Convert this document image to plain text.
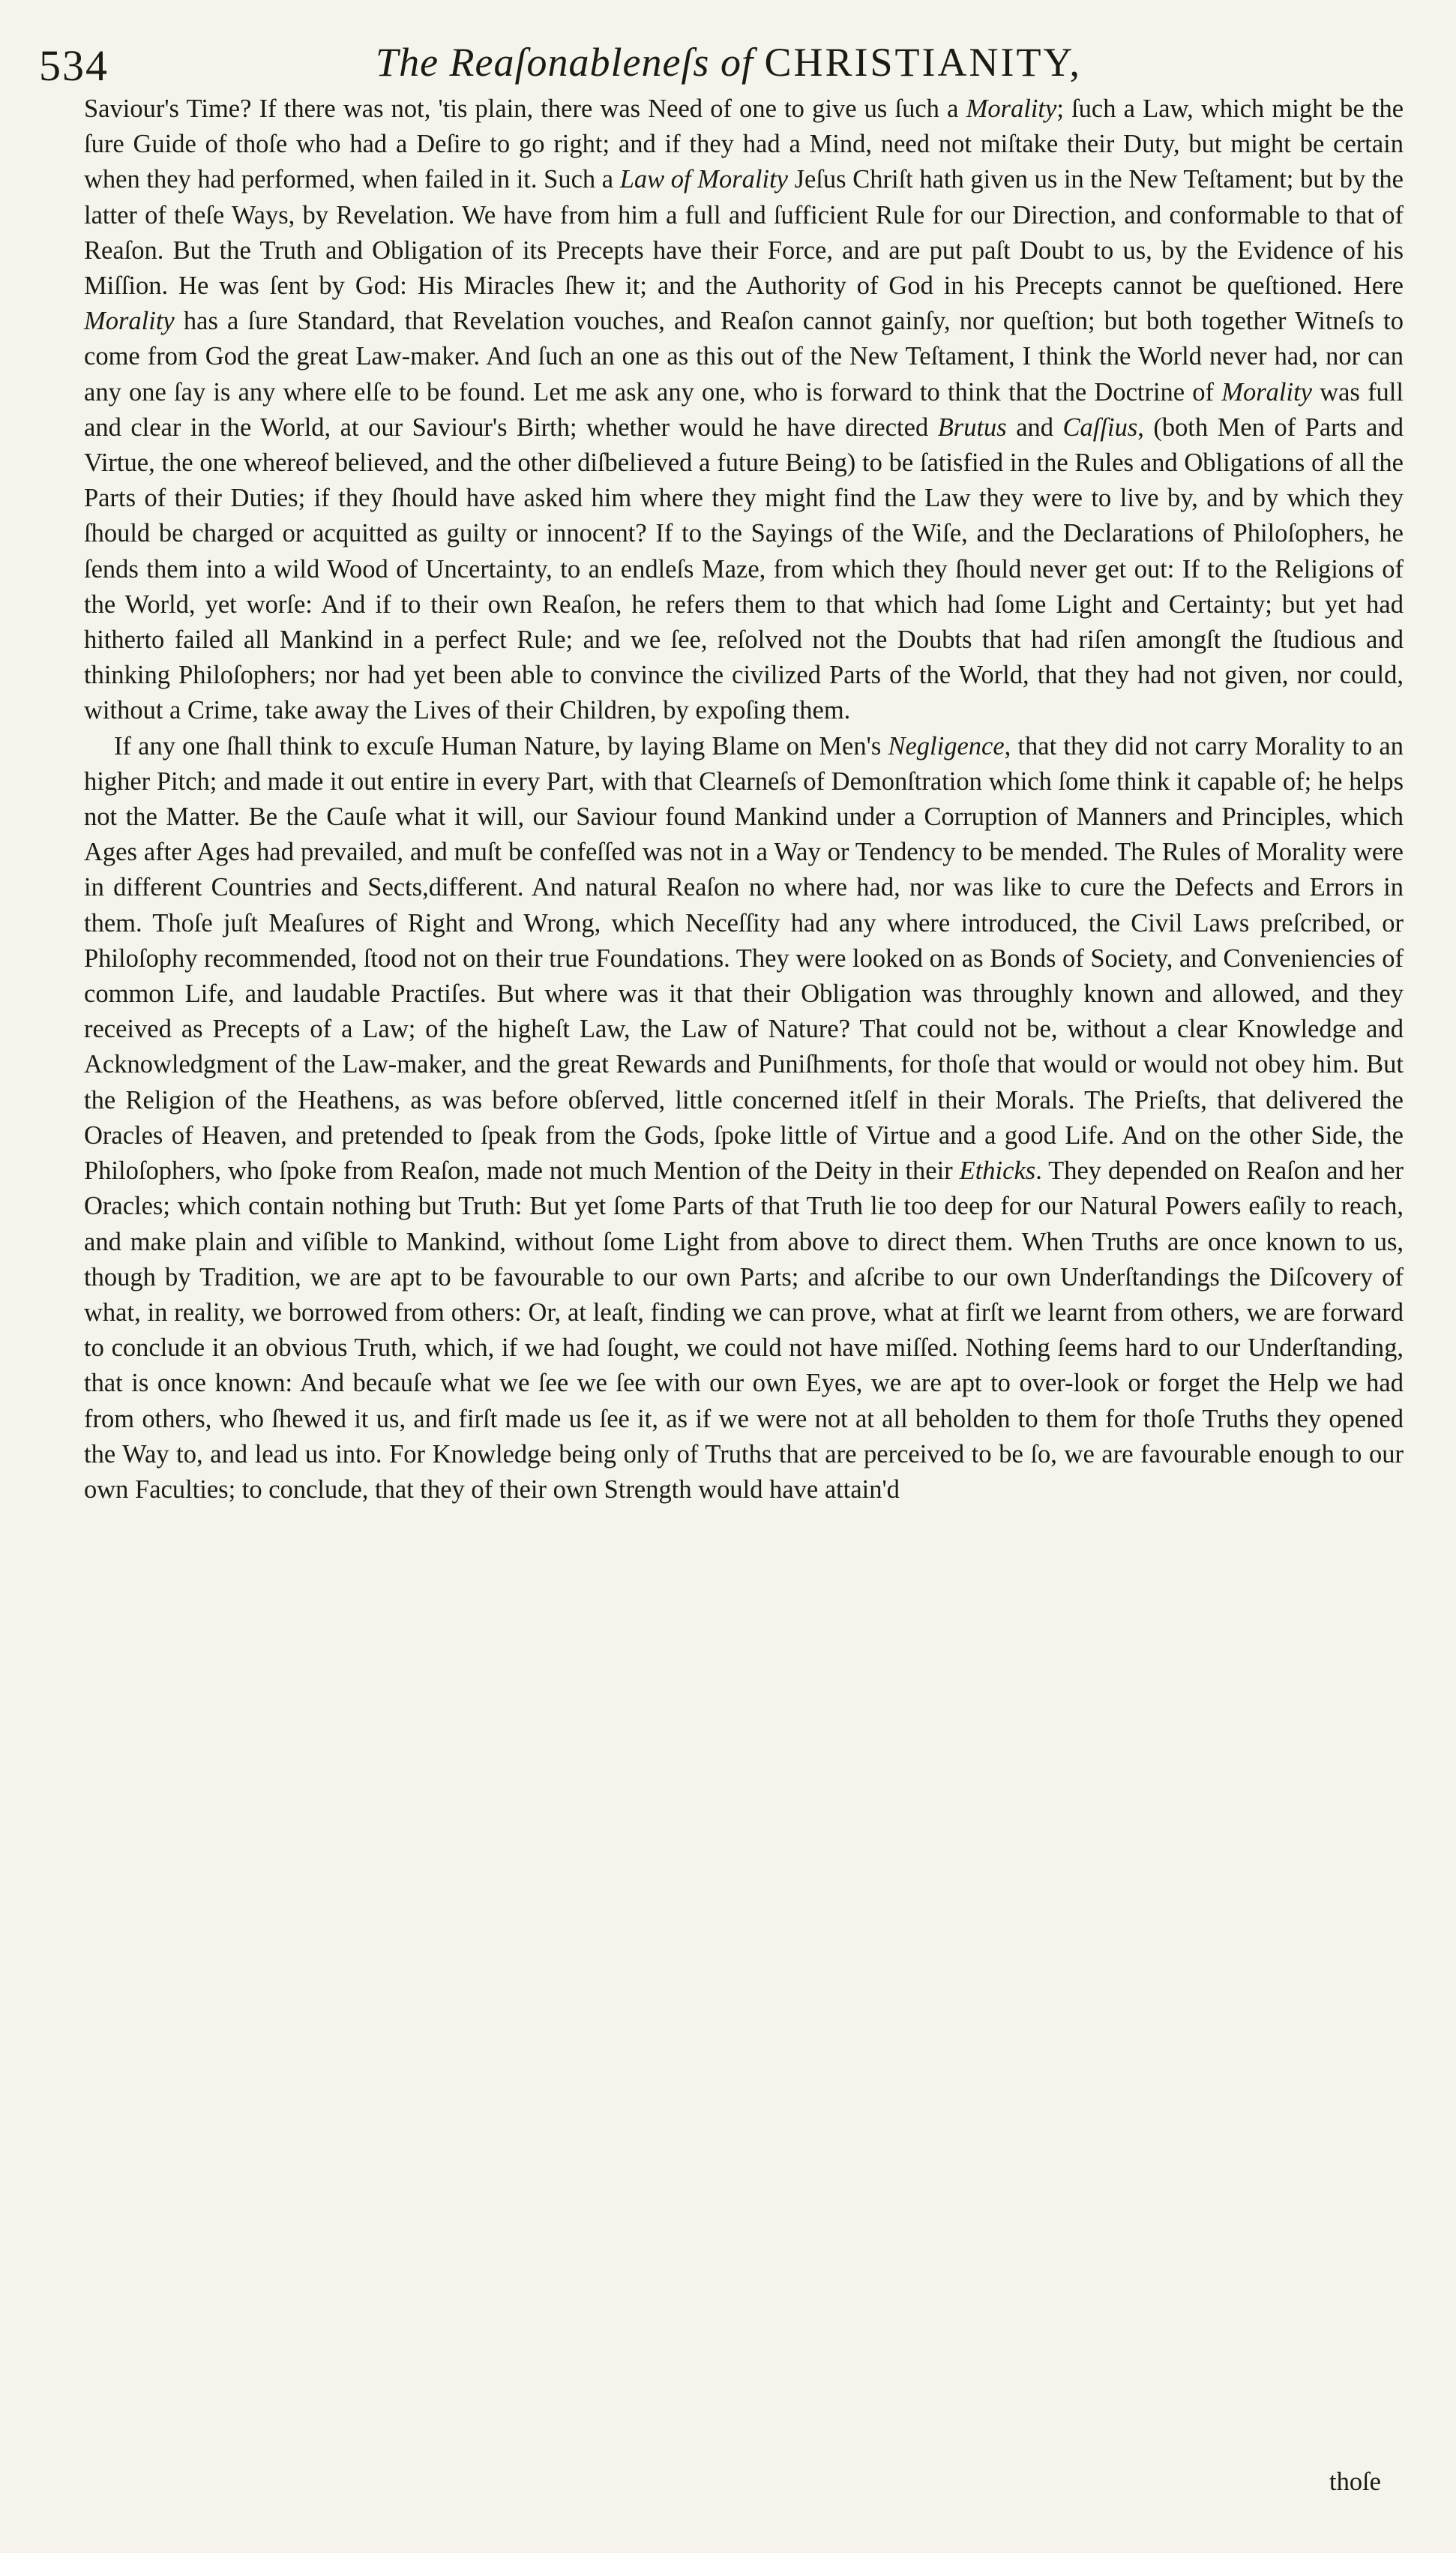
534	The Reaſonableneſs of CHRISTIANITY,

Saviour's Time? If there was not, 'tis plain, there was Need of one to give us ſuch a Morality; ſuch a Law, which might be the ſure Guide of thoſe who had a Deſire to go right; and if they had a Mind, need not miſtake their Duty, but might be certain when they had performed, when failed in it. Such a Law of Morality Jeſus Chriſt hath given us in the New Teſtament; but by the latter of theſe Ways, by Revelation. We have from him a full and ſufficient Rule for our Direction, and conformable to that of Reaſon. But the Truth and Obligation of its Precepts have their Force, and are put paſt Doubt to us, by the Evidence of his Miſſion. He was ſent by God: His Miracles ſhew it; and the Authority of God in his Precepts cannot be queſtioned. Here Morality has a ſure Standard, that Revelation vouches, and Reaſon cannot gainſy, nor queſtion; but both together Witneſs to come from God the great Law-maker. And ſuch an one as this out of the New Teſtament, I think the World never had, nor can any one ſay is any where elſe to be found. Let me ask any one, who is forward to think that the Doctrine of Morality was full and clear in the World, at our Saviour's Birth; whether would he have directed Brutus and Caſſius, (both Men of Parts and Virtue, the one whereof believed, and the other diſbelieved a future Being) to be ſatisfied in the Rules and Obligations of all the Parts of their Duties; if they ſhould have asked him where they might find the Law they were to live by, and by which they ſhould be charged or acquitted as guilty or innocent? If to the Sayings of the Wiſe, and the Declarations of Philoſophers, he ſends them into a wild Wood of Uncertainty, to an endleſs Maze, from which they ſhould never get out: If to the Religions of the World, yet worſe: And if to their own Reaſon, he refers them to that which had ſome Light and Certainty; but yet had hitherto failed all Mankind in a perfect Rule; and we ſee, reſolved not the Doubts that had riſen amongſt the ſtudious and thinking Philoſophers; nor had yet been able to convince the civilized Parts of the World, that they had not given, nor could, without a Crime, take away the Lives of their Children, by expoſing them.

If any one ſhall think to excuſe Human Nature, by laying Blame on Men's Negligence, that they did not carry Morality to an higher Pitch; and made it out entire in every Part, with that Clearneſs of Demonſtration which ſome think it capable of; he helps not the Matter. Be the Cauſe what it will, our Saviour found Mankind under a Corruption of Manners and Principles, which Ages after Ages had prevailed, and muſt be confeſſed was not in a Way or Tendency to be mended. The Rules of Morality were in different Countries and Sects,different. And natural Reaſon no where had, nor was like to cure the Defects and Errors in them. Thoſe juſt Meaſures of Right and Wrong, which Neceſſity had any where introduced, the Civil Laws preſcribed, or Philoſophy recommended, ſtood not on their true Foundations. They were looked on as Bonds of Society, and Conveniencies of common Life, and laudable Practiſes. But where was it that their Obligation was throughly known and allowed, and they received as Precepts of a Law; of the higheſt Law, the Law of Nature? That could not be, without a clear Knowledge and Acknowledgment of the Law-maker, and the great Rewards and Puniſhments, for thoſe that would or would not obey him. But the Religion of the Heathens, as was before obſerved, little concerned itſelf in their Morals. The Prieſts, that delivered the Oracles of Heaven, and pretended to ſpeak from the Gods, ſpoke little of Virtue and a good Life. And on the other Side, the Philoſophers, who ſpoke from Reaſon, made not much Mention of the Deity in their Ethicks. They depended on Reaſon and her Oracles; which contain nothing but Truth: But yet ſome Parts of that Truth lie too deep for our Natural Powers eaſily to reach, and make plain and viſible to Mankind, without ſome Light from above to direct them. When Truths are once known to us, though by Tradition, we are apt to be favourable to our own Parts; and aſcribe to our own Underſtandings the Diſcovery of what, in reality, we borrowed from others: Or, at leaſt, finding we can prove, what at firſt we learnt from others, we are forward to conclude it an obvious Truth, which, if we had ſought, we could not have miſſed. Nothing ſeems hard to our Underſtanding, that is once known: And becauſe what we ſee we ſee with our own Eyes, we are apt to over-look or forget the Help we had from others, who ſhewed it us, and firſt made us ſee it, as if we were not at all beholden to them for thoſe Truths they opened the Way to, and lead us into. For Knowledge being only of Truths that are perceived to be ſo, we are favourable enough to our own Faculties; to conclude, that they of their own Strength would have attain'd

thoſe
